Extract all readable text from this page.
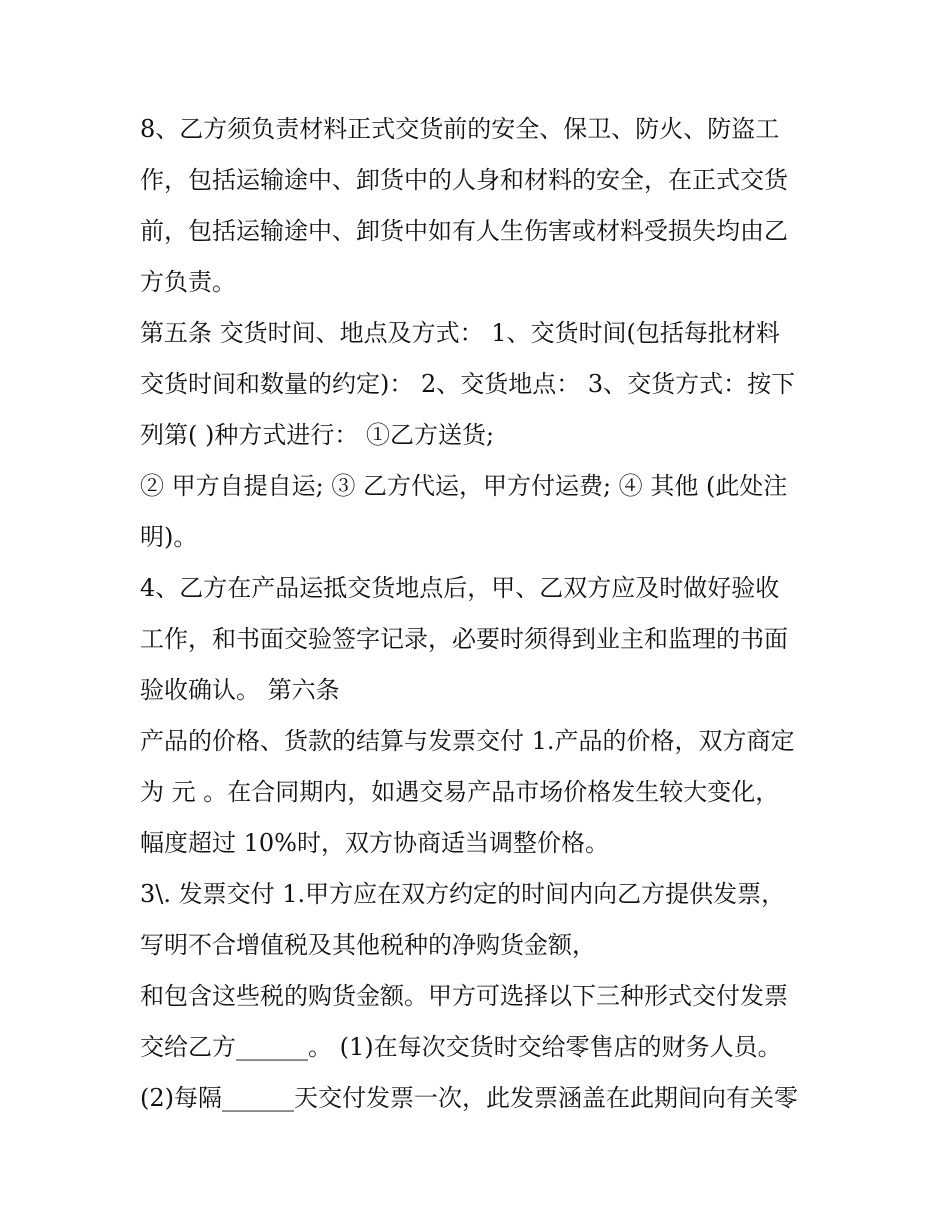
8、乙方须负责材料正式交货前的安全、保卫、防火、防盗工
作，包括运输途中、卸货中的人身和材料的安全，在正式交货
前，包括运输途中、卸货中如有人生伤害或材料受损失均由乙
方负责。
第五条 交货时间、地点及方式： 1、交货时间(包括每批材料
交货时间和数量的约定)： 2、交货地点： 3、交货方式：按下
列第( )种方式进行： ①乙方送货;
② 甲方自提自运; ③ 乙方代运，甲方付运费; ④ 其他 (此处注
明)。
4、乙方在产品运抵交货地点后，甲、乙双方应及时做好验收
工作，和书面交验签字记录，必要时须得到业主和监理的书面
验收确认。 第六条
产品的价格、货款的结算与发票交付 1.产品的价格，双方商定
为 元 。在合同期内，如遇交易产品市场价格发生较大变化，
幅度超过 10%时，双方协商适当调整价格。
3\. 发票交付 1.甲方应在双方约定的时间内向乙方提供发票，
写明不合增值税及其他税种的净购货金额，
和包含这些税的购货金额。甲方可选择以下三种形式交付发票
交给乙方______。 (1)在每次交货时交给零售店的财务人员。
(2)每隔______天交付发票一次，此发票涵盖在此期间向有关零
